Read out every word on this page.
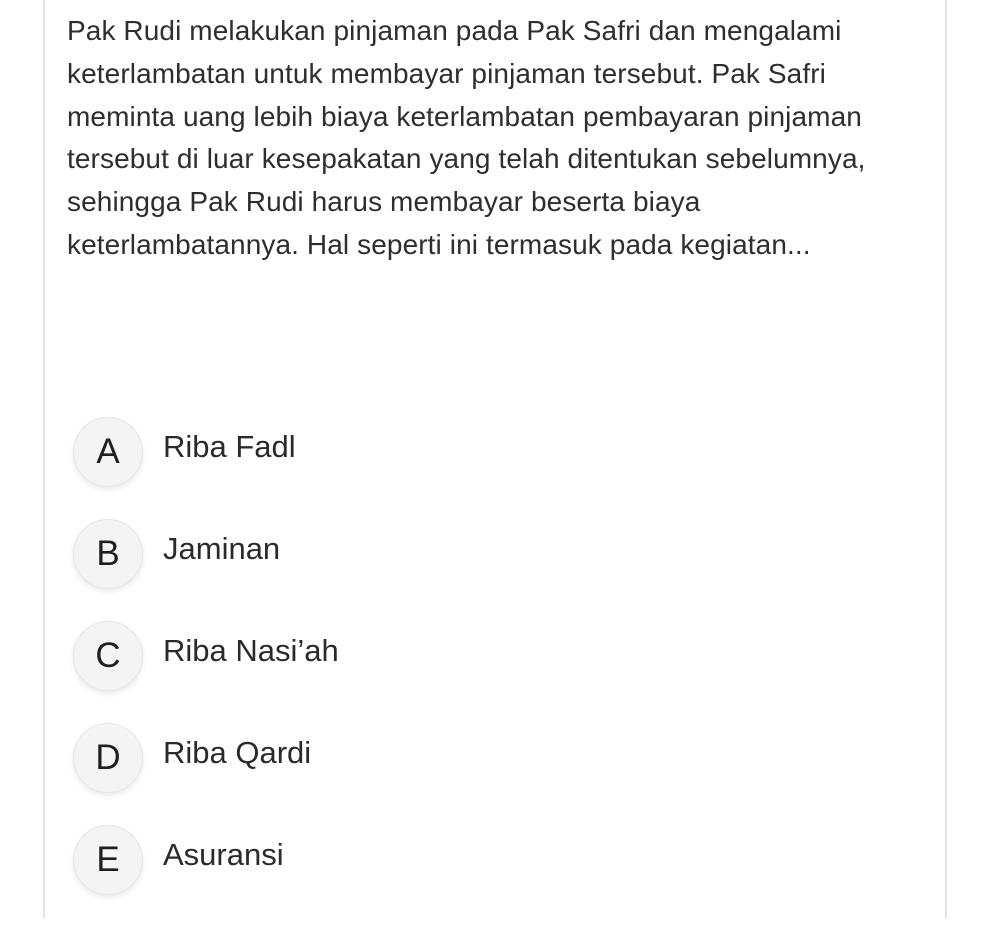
Pak Rudi melakukan pinjaman pada Pak Safri dan mengalami keterlambatan untuk membayar pinjaman tersebut. Pak Safri meminta uang lebih biaya keterlambatan pembayaran pinjaman tersebut di luar kesepakatan yang telah ditentukan sebelumnya, sehingga Pak Rudi harus membayar beserta biaya keterlambatannya. Hal seperti ini termasuk pada kegiatan...

A	Riba Fadl
B	Jaminan
C	Riba Nasi’ah
D	Riba Qardi
E	Asuransi
